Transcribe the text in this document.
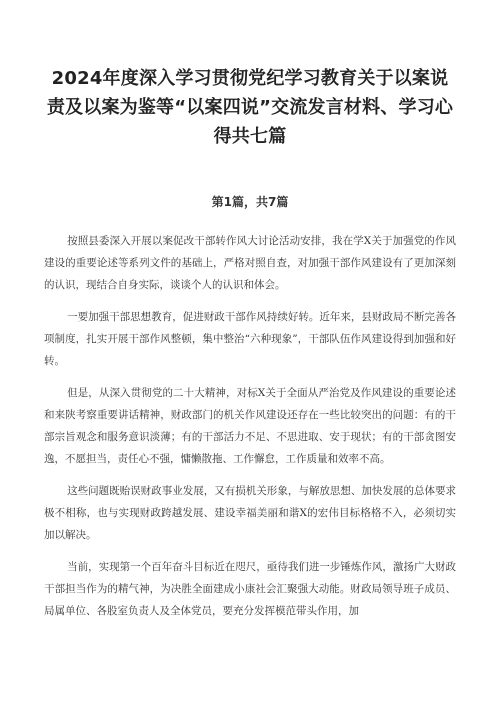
2024年度深入学习贯彻党纪学习教育关于以案说责及以案为鉴等“以案四说”交流发言材料、学习心得共七篇
第1篇，共7篇

按照县委深入开展以案促改干部转作风大讨论活动安排，我在学X关于加强党的作风建设的重要论述等系列文件的基础上，严格对照自查，对加强干部作风建设有了更加深刻的认识，现结合自身实际，谈谈个人的认识和体会。

一要加强干部思想教育，促进财政干部作风持续好转。近年来，县财政局不断完善各项制度，扎实开展干部作风整顿，集中整治“六种现象”，干部队伍作风建设得到加强和好转。

但是，从深入贯彻党的二十大精神，对标X关于全面从严治党及作风建设的重要论述和来陕考察重要讲话精神，财政部门的机关作风建设还存在一些比较突出的问题：有的干部宗旨观念和服务意识淡薄；有的干部活力不足、不思进取、安于现状；有的干部贪图安逸，不愿担当，责任心不强，慵懒散拖、工作懈怠，工作质量和效率不高。

这些问题既贻误财政事业发展，又有损机关形象，与解放思想、加快发展的总体要求极不相称，也与实现财政跨越发展、建设幸福美丽和谐X的宏伟目标格格不入，必须切实加以解决。

当前，实现第一个百年奋斗目标近在咫尺，亟待我们进一步锤炼作风，激扬广大财政干部担当作为的精气神，为决胜全面建成小康社会汇聚强大动能。财政局领导班子成员、局属单位、各股室负责人及全体党员，要充分发挥模范带头作用，加
